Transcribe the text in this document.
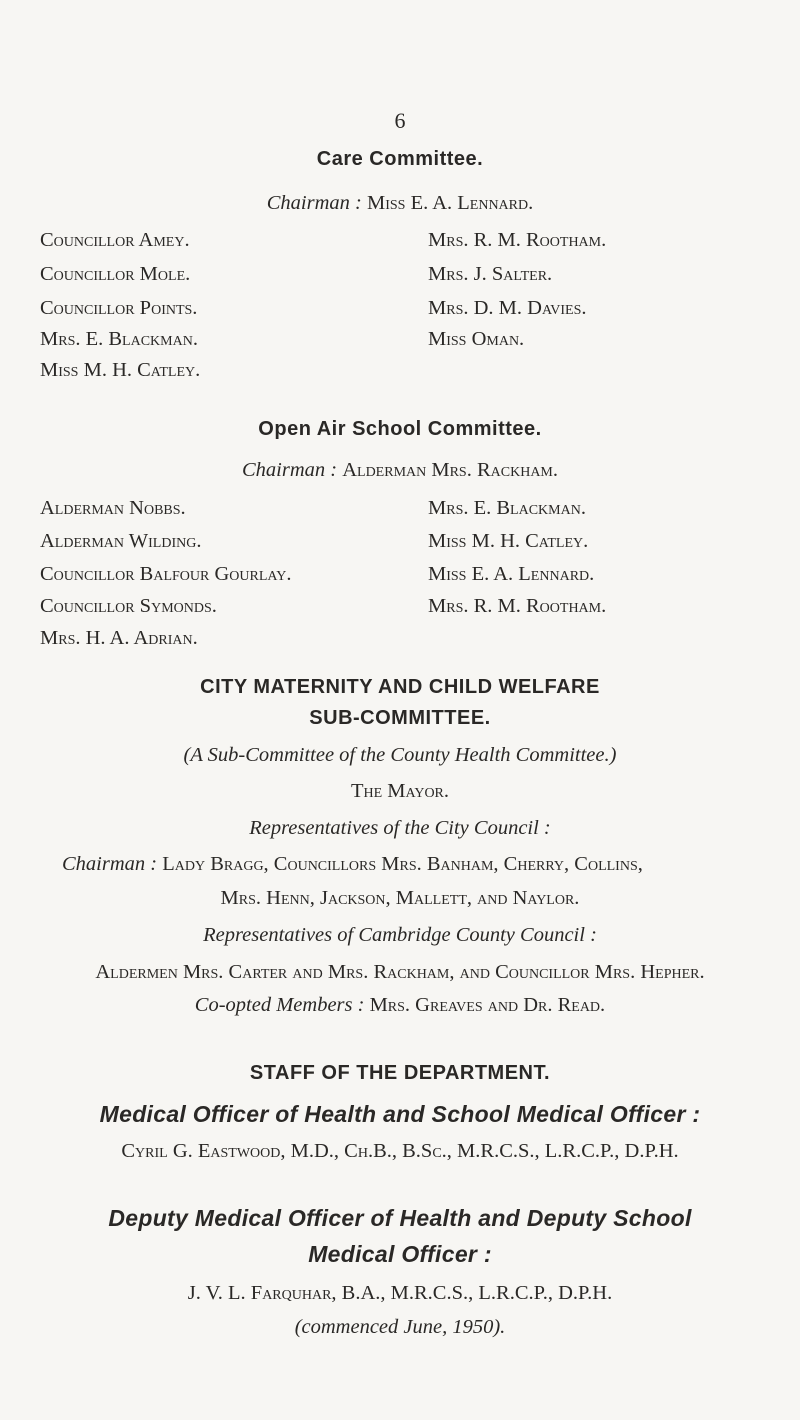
6
Care Committee.
Chairman : Miss E. A. Lennard.
Councillor Amey.
Councillor Mole.
Councillor Points.
Mrs. E. Blackman.
Miss M. H. Catley.
Mrs. R. M. Rootham.
Mrs. J. Salter.
Mrs. D. M. Davies.
Miss Oman.
Open Air School Committee.
Chairman : Alderman Mrs. Rackham.
Alderman Nobbs.
Alderman Wilding.
Councillor Balfour Gourlay.
Councillor Symonds.
Mrs. H. A. Adrian.
Mrs. E. Blackman.
Miss M. H. Catley.
Miss E. A. Lennard.
Mrs. R. M. Rootham.
CITY MATERNITY AND CHILD WELFARE
SUB-COMMITTEE.
(A Sub-Committee of the County Health Committee.)
The Mayor.
Representatives of the City Council :
Chairman : Lady Bragg, Councillors Mrs. Banham, Cherry, Collins,
Mrs. Henn, Jackson, Mallett, and Naylor.
Representatives of Cambridge County Council :
Aldermen Mrs. Carter and Mrs. Rackham, and Councillor Mrs. Hepher.
Co-opted Members : Mrs. Greaves and Dr. Read.
STAFF OF THE DEPARTMENT.
Medical Officer of Health and School Medical Officer :
Cyril G. Eastwood, M.D., Ch.B., B.Sc., M.R.C.S., L.R.C.P., D.P.H.
Deputy Medical Officer of Health and Deputy School
Medical Officer :
J. V. L. Farquhar, B.A., M.R.C.S., L.R.C.P., D.P.H.
(commenced June, 1950).
